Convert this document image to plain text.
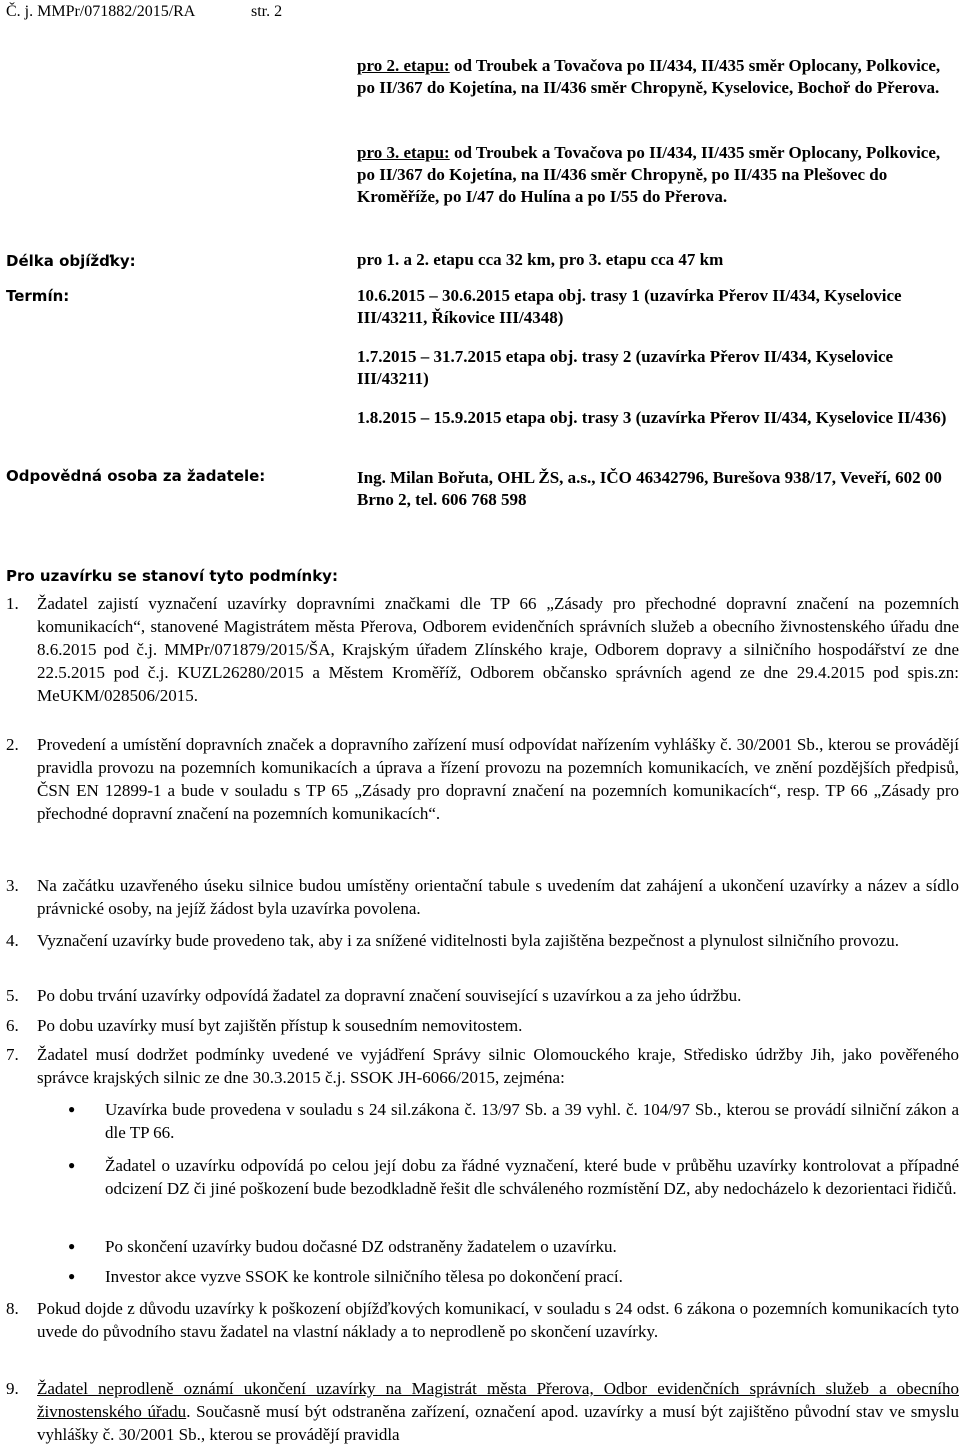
Č. j. MMPr/071882/2015/RA	str. 2
pro 2. etapu: od Troubek a Tovačova po II/434, II/435 směr Oplocany, Polkovice, po II/367 do Kojetína, na II/436 směr Chropyně, Kyselovice, Bochoř do Přerova.
pro 3. etapu: od Troubek a Tovačova po II/434, II/435 směr Oplocany, Polkovice, po II/367 do Kojetína, na II/436 směr Chropyně, po II/435 na Plešovec do Kroměříže, po I/47 do Hulína a po I/55 do Přerova.
Délka objížďky:	pro 1. a 2. etapu cca 32 km, pro 3. etapu cca 47 km
Termín:	10.6.2015 – 30.6.2015 etapa obj. trasy 1 (uzavírka Přerov II/434, Kyselovice III/43211, Říkovice III/4348)
1.7.2015 – 31.7.2015 etapa obj. trasy 2 (uzavírka Přerov II/434, Kyselovice III/43211)
1.8.2015 – 15.9.2015 etapa obj. trasy 3 (uzavírka Přerov II/434, Kyselovice II/436)
Odpovědná osoba za žadatele:	Ing. Milan Bořuta, OHL ŽS, a.s., IČO 46342796, Burešova 938/17, Veveří, 602 00 Brno 2, tel. 606 768 598
Pro uzavírku se stanoví tyto podmínky:
1. Žadatel zajistí vyznačení uzavírky dopravními značkami dle TP 66 „Zásady pro přechodné dopravní značení na pozemních komunikacích“, stanovené Magistrátem města Přerova, Odborem evidenčních správních služeb a obecního živnostenského úřadu dne 8.6.2015 pod č.j. MMPr/071879/2015/ŠA, Krajským úřadem Zlínského kraje, Odborem dopravy a silničního hospodářství ze dne 22.5.2015 pod č.j. KUZL26280/2015 a Městem Kroměříž, Odborem občansko správních agend ze dne 29.4.2015 pod spis.zn: MeUKM/028506/2015.
2. Provedení a umístění dopravních značek a dopravního zařízení musí odpovídat nařízením vyhlášky č. 30/2001 Sb., kterou se provádějí pravidla provozu na pozemních komunikacích a úprava a řízení provozu na pozemních komunikacích, ve znění pozdějších předpisů, ČSN EN 12899-1 a bude v souladu s TP 65 „Zásady pro dopravní značení na pozemních komunikacích“, resp. TP 66 „Zásady pro přechodné dopravní značení na pozemních komunikacích“.
3. Na začátku uzavřeného úseku silnice budou umístěny orientační tabule s uvedením dat zahájení a ukončení uzavírky a název a sídlo právnické osoby, na jejíž žádost byla uzavírka povolena.
4. Vyznačení uzavírky bude provedeno tak, aby i za snížené viditelnosti byla zajištěna bezpečnost a plynulost silničního provozu.
5. Po dobu trvání uzavírky odpovídá žadatel za dopravní značení související s uzavírkou a za jeho údržbu.
6. Po dobu uzavírky musí byt zajištěn přístup k sousedním nemovitostem.
7. Žadatel musí dodržet podmínky uvedené ve vyjádření Správy silnic Olomouckého kraje, Středisko údržby Jih, jako pověřeného správce krajských silnic ze dne 30.3.2015 č.j. SSOK JH-6066/2015, zejména:
● Uzavírka bude provedena v souladu s 24 sil.zákona č. 13/97 Sb. a 39 vyhl. č. 104/97 Sb., kterou se provádí silniční zákon a dle TP 66.
● Žadatel o uzavírku odpovídá po celou její dobu za řádné vyznačení, které bude v průběhu uzavírky kontrolovat a případné odcizení DZ či jiné poškození bude bezodkladně řešit dle schváleného rozmístění DZ, aby nedocházelo k dezorientaci řidičů.
● Po skončení uzavírky budou dočasné DZ odstraněny žadatelem o uzavírku.
● Investor akce vyzve SSOK ke kontrole silničního tělesa po dokončení prací.
8. Pokud dojde z důvodu uzavírky k poškození objížďkových komunikací, v souladu s 24 odst. 6 zákona o pozemních komunikacích tyto uvede do původního stavu žadatel na vlastní náklady a to neprodleně po skončení uzavírky.
9. Žadatel neprodleně oznámí ukončení uzavírky na Magistrát města Přerova, Odbor evidenčních správních služeb a obecního živnostenského úřadu. Současně musí být odstraněna zařízení, označení apod. uzavírky a musí být zajištěno původní stav ve smyslu vyhlášky č. 30/2001 Sb., kterou se provádějí pravidla
